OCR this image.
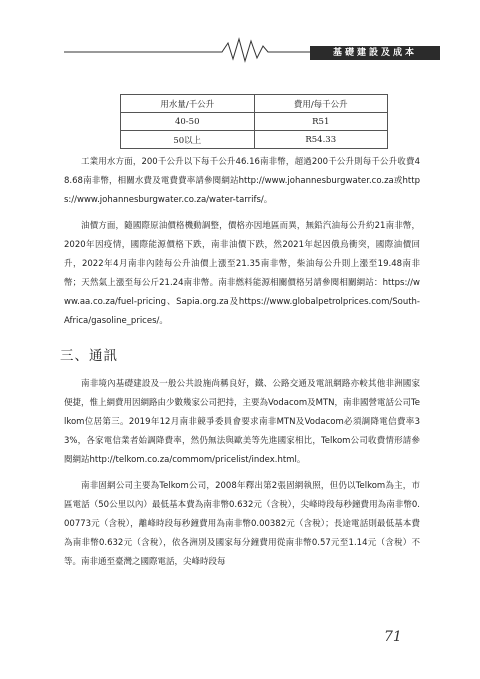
基礎建設及成本
用水量/千公升	費用/每千公升
40-50	R51
50以上	R54.33

工業用水方面，200千公升以下每千公升46.16南非幣，超過200千公升則每千公升收費48.68南非幣，相關水費及電費費率請參閱網站http://www.johannesburgwater.co.za或https://www.johannesburgwater.co.za/water-tarrifs/。

油價方面，隨國際原油價格機動調整，價格亦因地區而異，無鉛汽油每公升約21南非幣，2020年因疫情，國際能源價格下跌，南非油價下跌，然2021年起因俄烏衝突，國際油價回升，2022年4月南非內陸每公升油價上漲至21.35南非幣，柴油每公升則上漲至19.48南非幣；天然氣上漲至每公斤21.24南非幣。南非燃料能源相關價格另請參閱相關網站：https://www.aa.co.za/fuel-pricing、Sapia.org.za及https://www.globalpetrolprices.com/South-Africa/gasoline_prices/。

三、通訊

南非境內基礎建設及一般公共設施尚稱良好，鐵、公路交通及電訊網路亦較其他非洲國家便捷，惟上網費用因網路由少數幾家公司把持，主要為Vodacom及MTN，南非國營電話公司Telkom位居第三。2019年12月南非競爭委員會要求南非MTN及Vodacom必須調降電信費率33%，各家電信業者始調降費率，然仍無法與歐美等先進國家相比，Telkom公司收費情形請參閱網站http://telkom.co.za/commom/pricelist/index.html。

南非固網公司主要為Telkom公司，2008年釋出第2張固網執照，但仍以Telkom為主，市區電話（50公里以內）最低基本費為南非幣0.632元（含稅），尖峰時段每秒鐘費用為南非幣0.00773元（含稅），離峰時段每秒鐘費用為南非幣0.00382元（含稅）；長途電話則最低基本費為南非幣0.632元（含稅），依各洲別及國家每分鐘費用從南非幣0.57元至1.14元（含稅）不等。南非通至臺灣之國際電話，尖峰時段每

71
